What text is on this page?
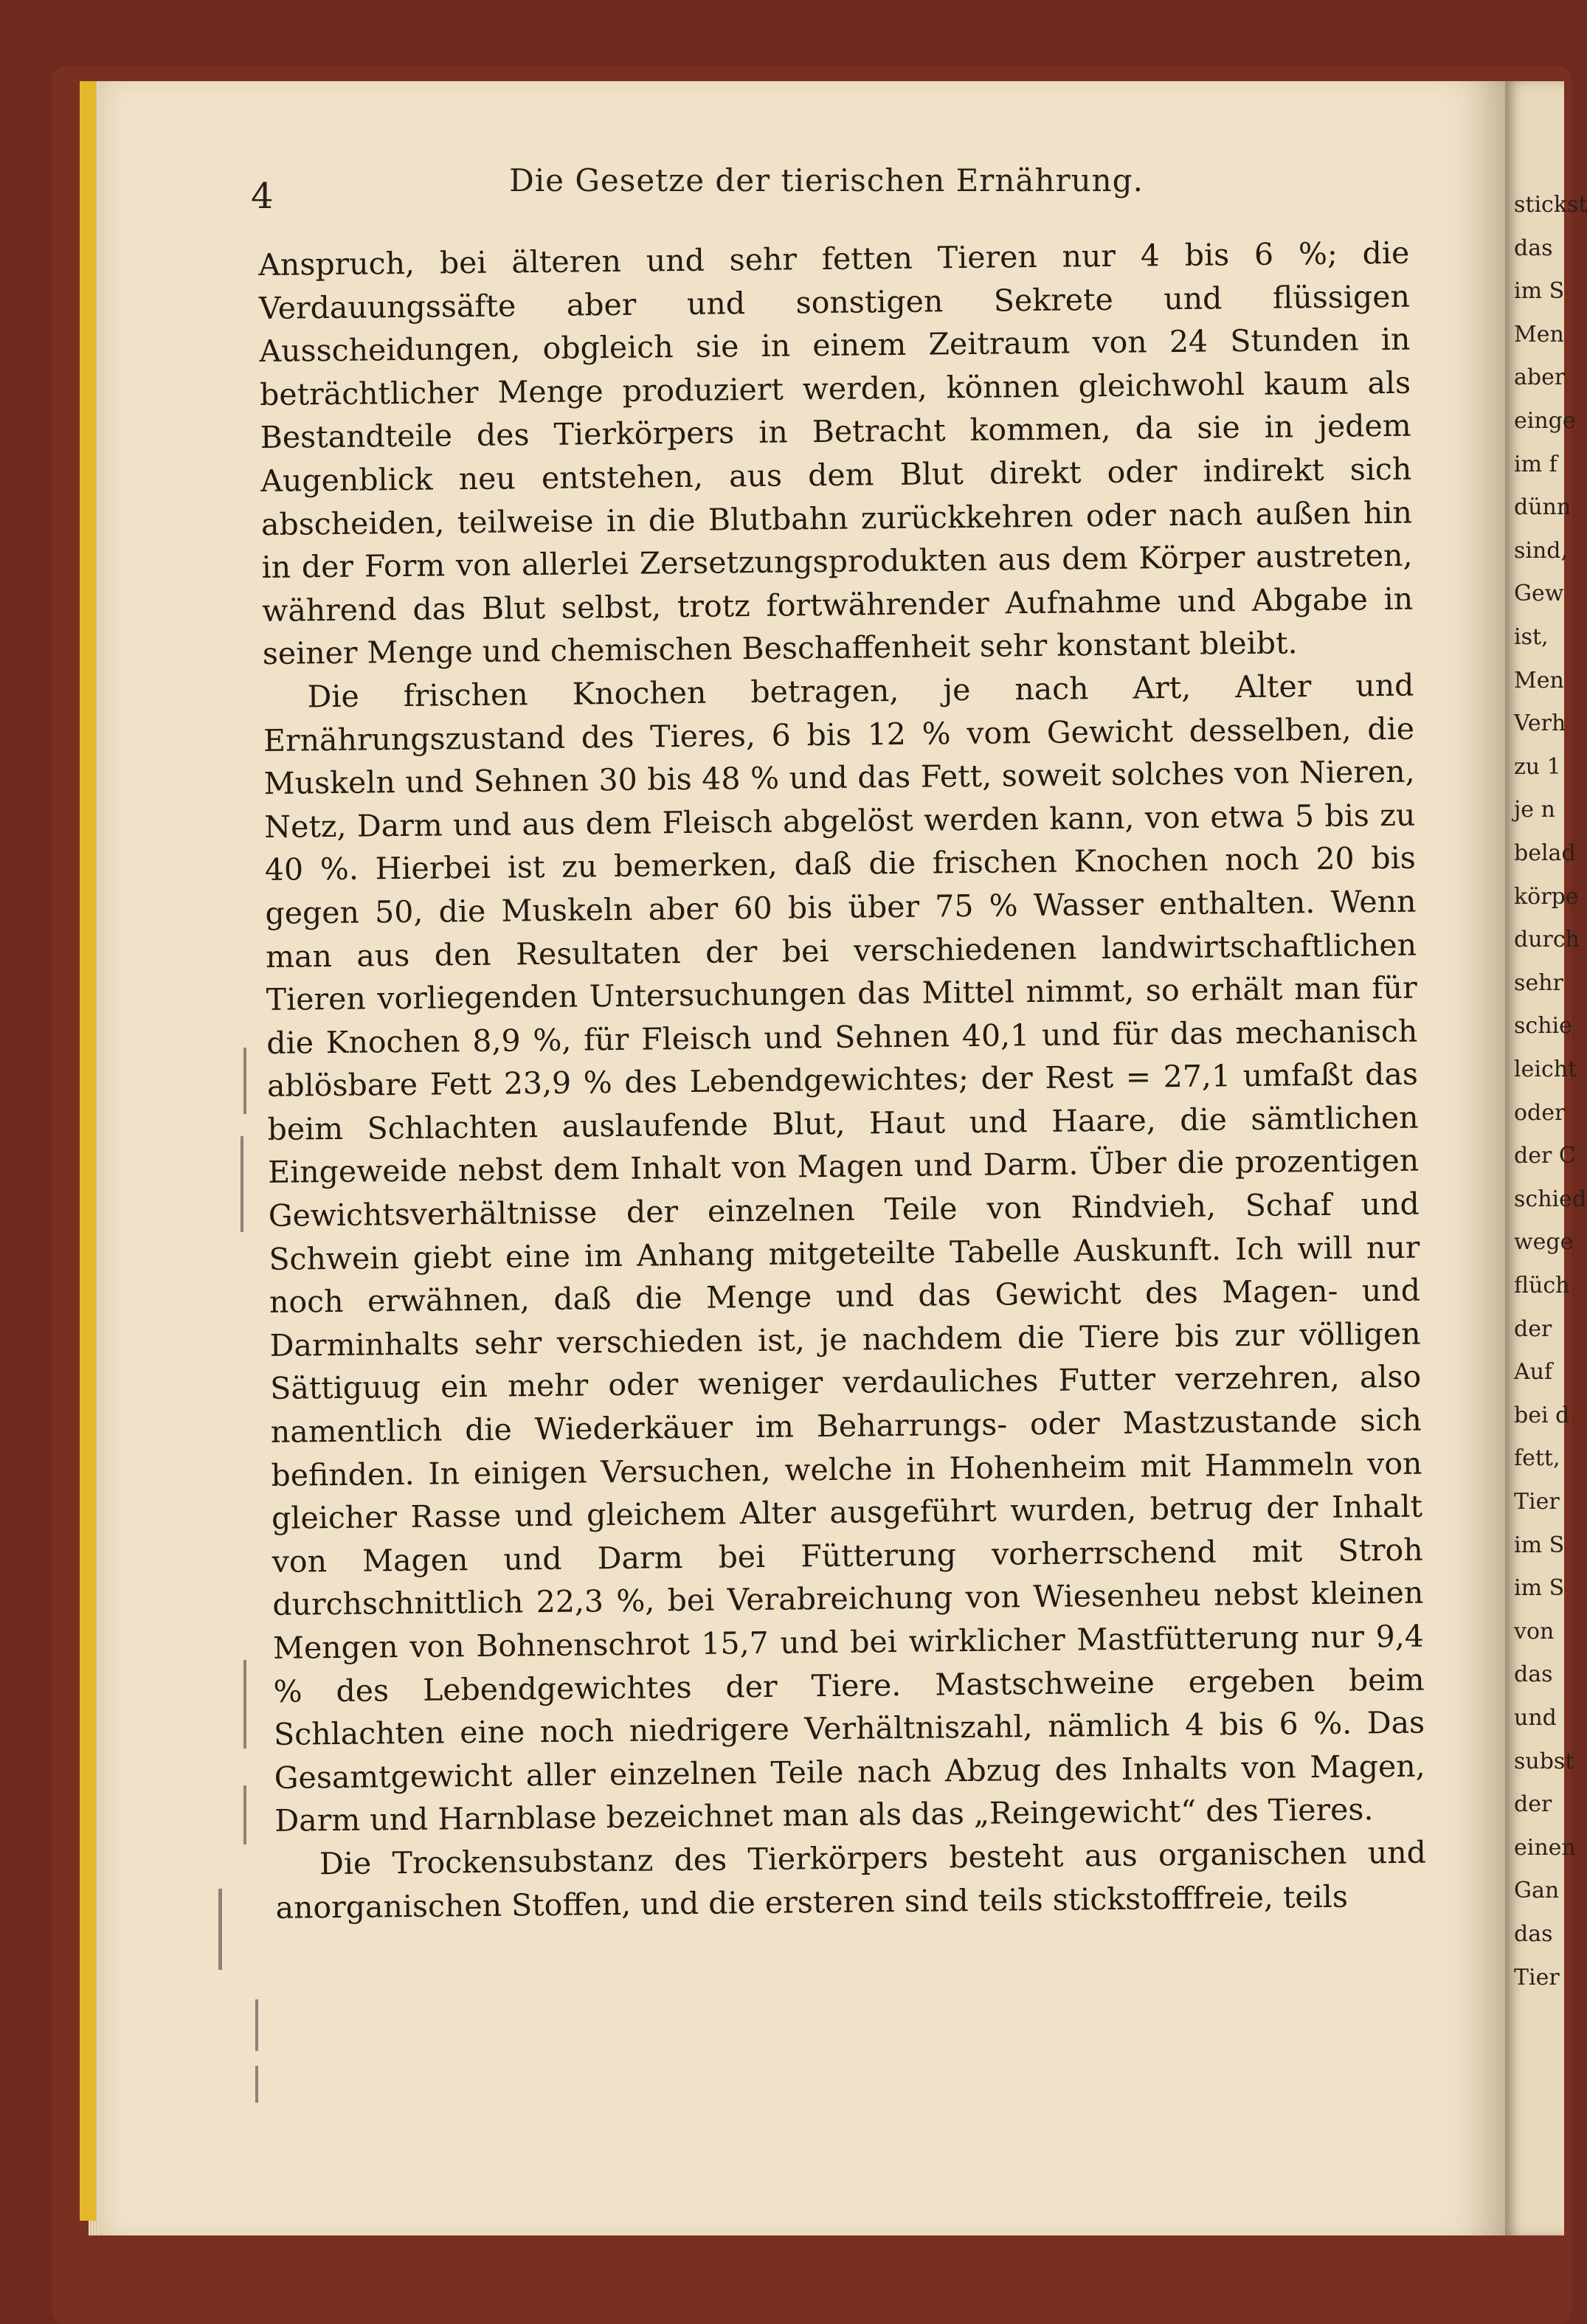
stickst
das
im S
Men
aber
einge
im f
dünn
sind,
Gew
ist,
Men
Verh
zu 1
je n
belad
körpe
durch
sehr
schie
leicht
oder
der C
schied
wege
flüch
der
Auf
bei d
fett,
Tier
im S
im S
von
das
und
subst
der
einen
Gan
das
Tier
4	Die Gesetze der tierischen Ernährung.

Anspruch, bei älteren und sehr fetten Tieren nur 4 bis 6 %; die Verdauungssäfte aber und sonstigen Sekrete und flüssigen Ausscheidungen, obgleich sie in einem Zeitraum von 24 Stunden in beträchtlicher Menge produziert werden, können gleichwohl kaum als Bestandteile des Tierkörpers in Betracht kommen, da sie in jedem Augenblick neu entstehen, aus dem Blut direkt oder indirekt sich abscheiden, teilweise in die Blutbahn zurückkehren oder nach außen hin in der Form von allerlei Zersetzungsprodukten aus dem Körper austreten, während das Blut selbst, trotz fortwährender Aufnahme und Abgabe in seiner Menge und chemischen Beschaffenheit sehr konstant bleibt.

Die frischen Knochen betragen, je nach Art, Alter und Ernährungszustand des Tieres, 6 bis 12 % vom Gewicht desselben, die Muskeln und Sehnen 30 bis 48 % und das Fett, soweit solches von Nieren, Netz, Darm und aus dem Fleisch abgelöst werden kann, von etwa 5 bis zu 40 %. Hierbei ist zu bemerken, daß die frischen Knochen noch 20 bis gegen 50, die Muskeln aber 60 bis über 75 % Wasser enthalten. Wenn man aus den Resultaten der bei verschiedenen landwirtschaftlichen Tieren vorliegenden Untersuchungen das Mittel nimmt, so erhält man für die Knochen 8,9 %, für Fleisch und Sehnen 40,1 und für das mechanisch ablösbare Fett 23,9 % des Lebendgewichtes; der Rest = 27,1 umfaßt das beim Schlachten auslaufende Blut, Haut und Haare, die sämtlichen Eingeweide nebst dem Inhalt von Magen und Darm. Über die prozentigen Gewichtsverhältnisse der einzelnen Teile von Rindvieh, Schaf und Schwein giebt eine im Anhang mitgeteilte Tabelle Auskunft. Ich will nur noch erwähnen, daß die Menge und das Gewicht des Magen- und Darminhalts sehr verschieden ist, je nachdem die Tiere bis zur völligen Sättiguug ein mehr oder weniger verdauliches Futter verzehren, also namentlich die Wiederkäuer im Beharrungs- oder Mastzustande sich befinden. In einigen Versuchen, welche in Hohenheim mit Hammeln von gleicher Rasse und gleichem Alter ausgeführt wurden, betrug der Inhalt von Magen und Darm bei Fütterung vorherrschend mit Stroh durchschnittlich 22,3 %, bei Verabreichung von Wiesenheu nebst kleinen Mengen von Bohnenschrot 15,7 und bei wirklicher Mastfütterung nur 9,4 % des Lebendgewichtes der Tiere. Mastschweine ergeben beim Schlachten eine noch niedrigere Verhältniszahl, nämlich 4 bis 6 %. Das Gesamtgewicht aller einzelnen Teile nach Abzug des Inhalts von Magen, Darm und Harnblase bezeichnet man als das „Reingewicht“ des Tieres.

Die Trockensubstanz des Tierkörpers besteht aus organischen und anorganischen Stoffen, und die ersteren sind teils stickstofffreie, teils
